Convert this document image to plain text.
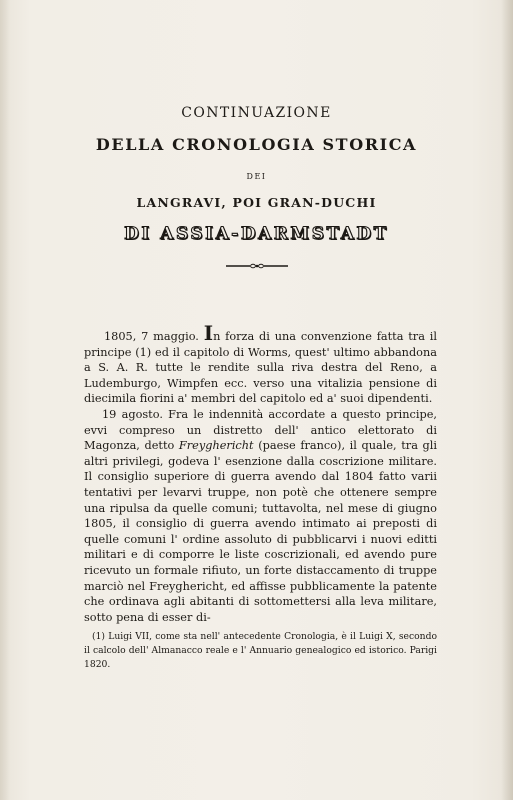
CONTINUAZIONE
DELLA CRONOLOGIA STORICA
DEI
LANGRAVI, POI GRAN-DUCHI
DI ASSIA-DARMSTADT

1805, 7 maggio. In forza di una convenzione fatta tra il principe (1) ed il capitolo di Worms, quest' ultimo abbandona a S. A. R. tutte le rendite sulla riva destra del Reno, a Ludemburgo, Wimpfen ecc. verso una vitalizia pensione di diecimila fiorini a' membri del capitolo ed a' suoi dipendenti.

19 agosto. Fra le indennità accordate a questo principe, evvi compreso un distretto dell' antico elettorato di Magonza, detto Freyghericht (paese franco), il quale, tra gli altri privilegi, godeva l' esenzione dalla coscrizione militare. Il consiglio superiore di guerra avendo dal 1804 fatto varii tentativi per levarvi truppe, non potè che ottenere sempre una ripulsa da quelle comuni; tuttavolta, nel mese di giugno 1805, il consiglio di guerra avendo intimato ai preposti di quelle comuni l' ordine assoluto di pubblicarvi i nuovi editti militari e di comporre le liste coscrizionali, ed avendo pure ricevuto un formale rifiuto, un forte distaccamento di truppe marciò nel Freyghericht, ed affisse pubblicamente la patente che ordinava agli abitanti di sottomettersi alla leva militare, sotto pena di esser di-

(1) Luigi VII, come sta nell' antecedente Cronologia, è il Luigi X, secondo il calcolo dell' Almanacco reale e l' Annuario genealogico ed istorico. Parigi 1820.
